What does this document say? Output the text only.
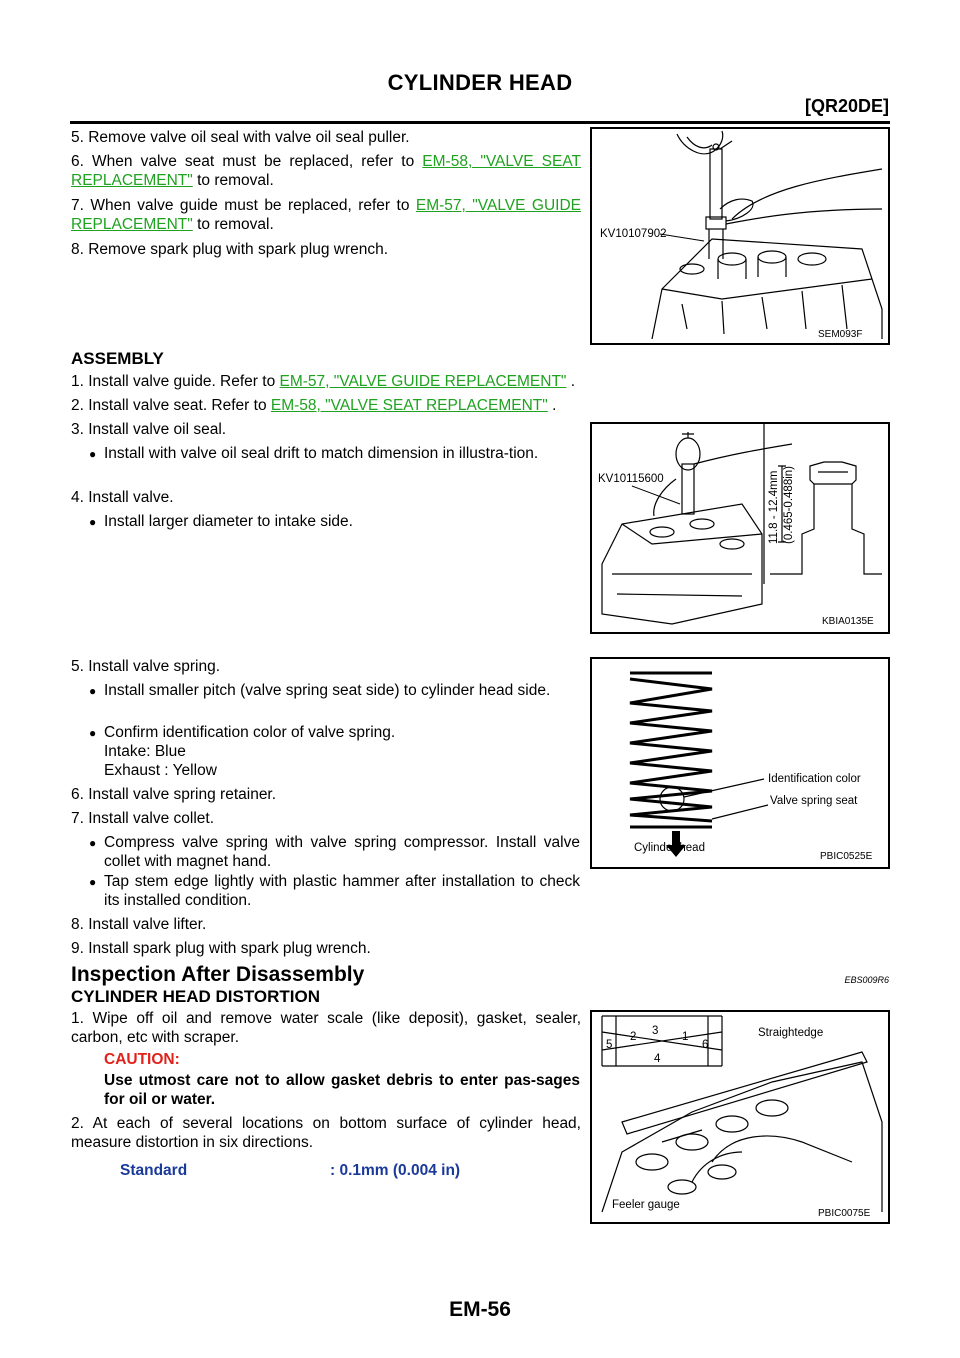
CYLINDER HEAD
[QR20DE]
5. Remove valve oil seal with valve oil seal puller.
6. When valve seat must be replaced, refer to EM-58, "VALVE SEAT REPLACEMENT" to removal.
7. When valve guide must be replaced, refer to EM-57, "VALVE GUIDE REPLACEMENT" to removal.
8. Remove spark plug with spark plug wrench.
KV10107902
SEM093F
ASSEMBLY
1. Install valve guide. Refer to EM-57, "VALVE GUIDE REPLACEMENT" .
2. Install valve seat. Refer to EM-58, "VALVE SEAT REPLACEMENT" .
3. Install valve oil seal.
● Install with valve oil seal drift to match dimension in illustra-tion.
4. Install valve.
● Install larger diameter to intake side.
KV10115600	11.8 - 12.4mm (0.465-0.488in)
KBIA0135E
5. Install valve spring.
● Install smaller pitch (valve spring seat side) to cylinder head side.
● Confirm identification color of valve spring.
Intake: Blue
Exhaust : Yellow
6. Install valve spring retainer.
7. Install valve collet.
● Compress valve spring with valve spring compressor. Install valve collet with magnet hand.
● Tap stem edge lightly with plastic hammer after installation to check its installed condition.
8. Install valve lifter.
9. Install spark plug with spark plug wrench.
Identification color
Valve spring seat
Cylinder head
PBIC0525E
Inspection After Disassembly	EBS009R6
CYLINDER HEAD DISTORTION
1. Wipe off oil and remove water scale (like deposit), gasket, sealer, carbon, etc with scraper.
CAUTION:
Use utmost care not to allow gasket debris to enter pas-sages for oil or water.
2. At each of several locations on bottom surface of cylinder head, measure distortion in six directions.
Standard	: 0.1mm (0.004 in)
3
2	1
5	6
4
Straightedge
Feeler gauge
PBIC0075E
EM-56
